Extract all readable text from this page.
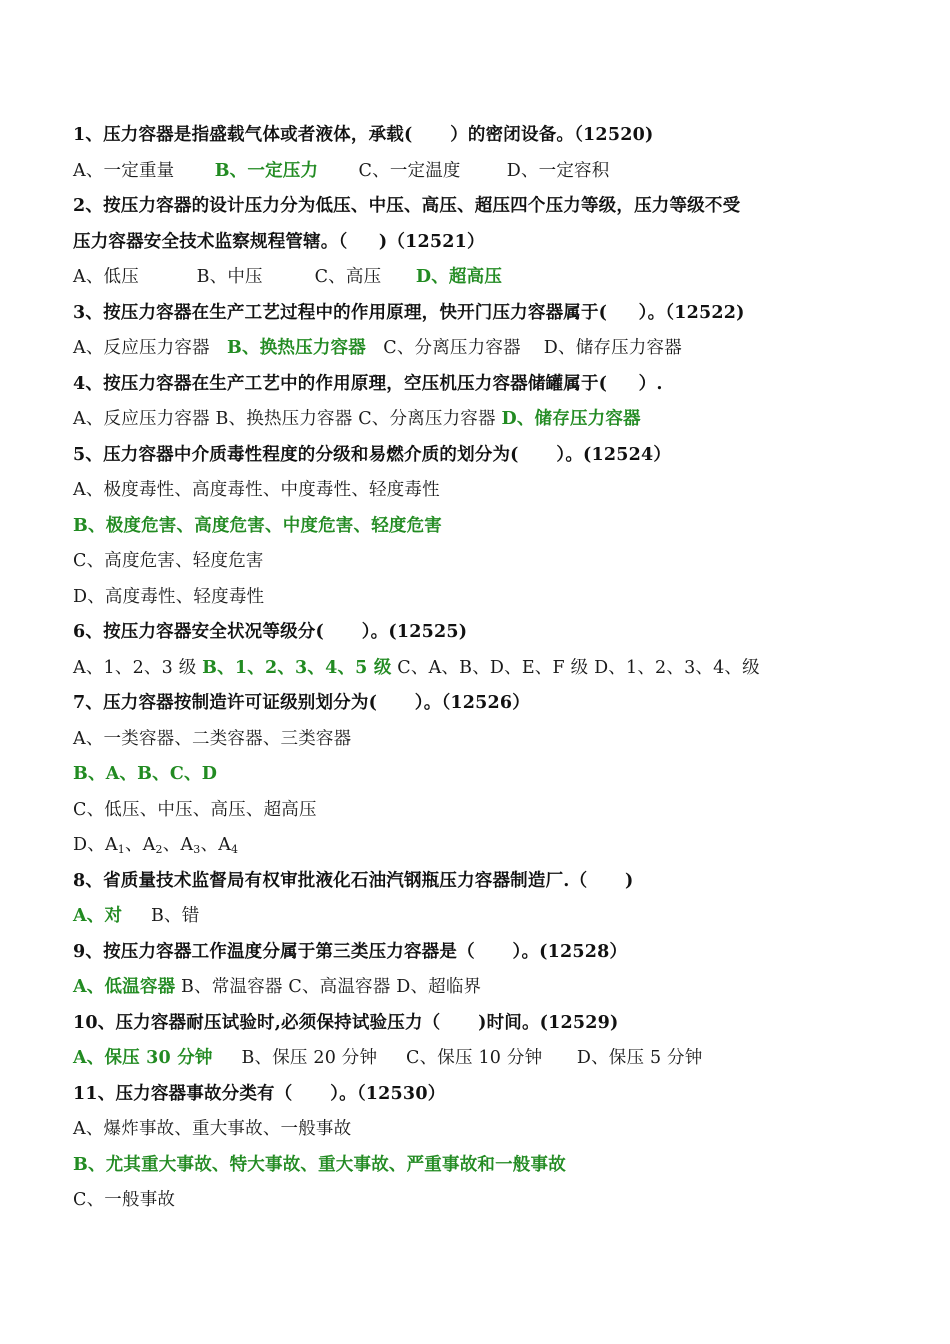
1、压力容器是指盛载气体或者液体，承载(      ）的密闭设备。（12520)
A、一定重量       B、一定压力       C、一定温度        D、一定容积
2、按压力容器的设计压力分为低压、中压、高压、超压四个压力等级，压力等级不受
压力容器安全技术监察规程管辖。（     )（12521）
A、低压          B、中压         C、高压      D、超高压
3、按压力容器在生产工艺过程中的作用原理，快开门压力容器属于(     ）。（12522)
A、反应压力容器   B、换热压力容器   C、分离压力容器    D、储存压力容器
4、按压力容器在生产工艺中的作用原理，空压机压力容器储罐属于(     ）.
A、反应压力容器 B、换热压力容器 C、分离压力容器 D、储存压力容器
5、压力容器中介质毒性程度的分级和易燃介质的划分为(      ）。(12524）
A、极度毒性、高度毒性、中度毒性、轻度毒性
B、极度危害、高度危害、中度危害、轻度危害
C、高度危害、轻度危害
D、高度毒性、轻度毒性
6、按压力容器安全状况等级分(      ）。(12525)
A、1、2、3 级 B、1、2、3、4、5 级 C、A、B、D、E、F 级 D、1、2、3、4、级
7、压力容器按制造许可证级别划分为(      ）。（12526）
A、一类容器、二类容器、三类容器
B、A、B、C、D
C、低压、中压、高压、超高压
D、$A_1$、$A_2$、$A_3$、$A_4$
8、省质量技术监督局有权审批液化石油汽钢瓶压力容器制造厂.（      )
A、对     B、错
9、按压力容器工作温度分属于第三类压力容器是（      ）。(12528）
A、低温容器 B、常温容器 C、高温容器 D、超临界
10、压力容器耐压试验时,必须保持试验压力（      )时间。(12529)
A、保压 30 分钟     B、保压 20 分钟     C、保压 10 分钟      D、保压 5 分钟
11、压力容器事故分类有（      ）。（12530）
A、爆炸事故、重大事故、一般事故
B、尤其重大事故、特大事故、重大事故、严重事故和一般事故
C、一般事故
